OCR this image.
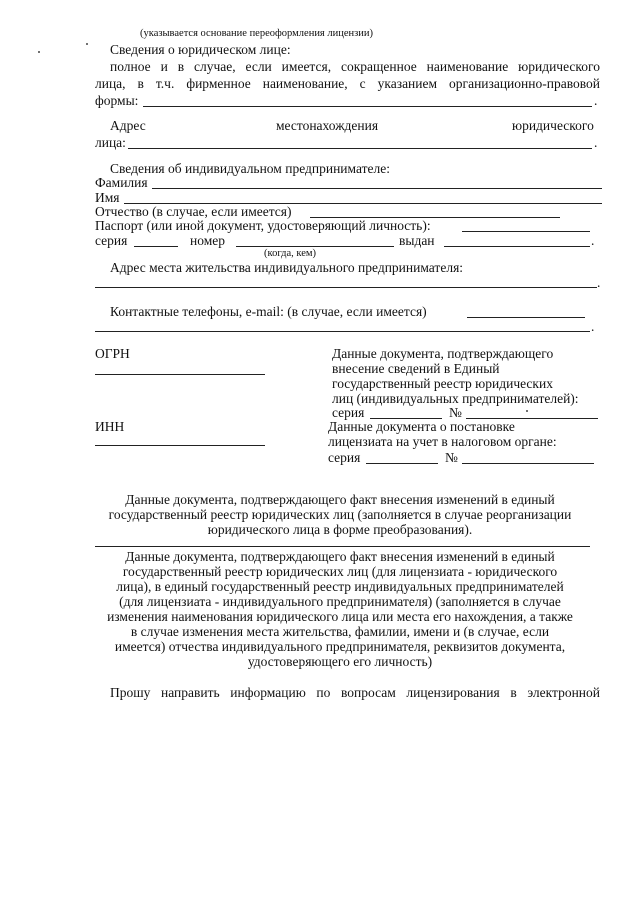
(указывается основание переоформления лицензии)
Сведения о юридическом лице:
полное и в случае, если имеется, сокращенное наименование юридического
лица, в т.ч. фирменное наименование, с указанием организационно-правовой
формы:	.
Адрес	местонахождения	юридического
лица:	.
Сведения об индивидуальном предпринимателе:
Фамилия
Имя
Отчество (в случае, если имеется)
Паспорт (или иной документ, удостоверяющий личность):
серия	номер	выдан	.
(когда, кем)
Адрес места жительства индивидуального предпринимателя:
.
Контактные телефоны, e-mail: (в случае, если имеется)
.
ОГРН	Данные документа, подтверждающего
внесение сведений в Единый
государственный реестр юридических
лиц (индивидуальных предпринимателей):
серия	№
ИНН	Данные документа о постановке
лицензиата на учет в налоговом органе:
серия	№
Данные документа, подтверждающего факт внесения изменений в единый
государственный реестр юридических лиц (заполняется в случае реорганизации
юридического лица в форме преобразования).
Данные документа, подтверждающего факт внесения изменений в единый
государственный реестр юридических лиц (для лицензиата - юридического
лица), в единый государственный реестр индивидуальных предпринимателей
(для лицензиата - индивидуального предпринимателя) (заполняется в случае
изменения наименования юридического лица или места его нахождения, а также
в случае изменения места жительства, фамилии, имени и (в случае, если
имеется) отчества индивидуального предпринимателя, реквизитов документа,
удостоверяющего его личность)
Прошу направить информацию по вопросам лицензирования в электронной
